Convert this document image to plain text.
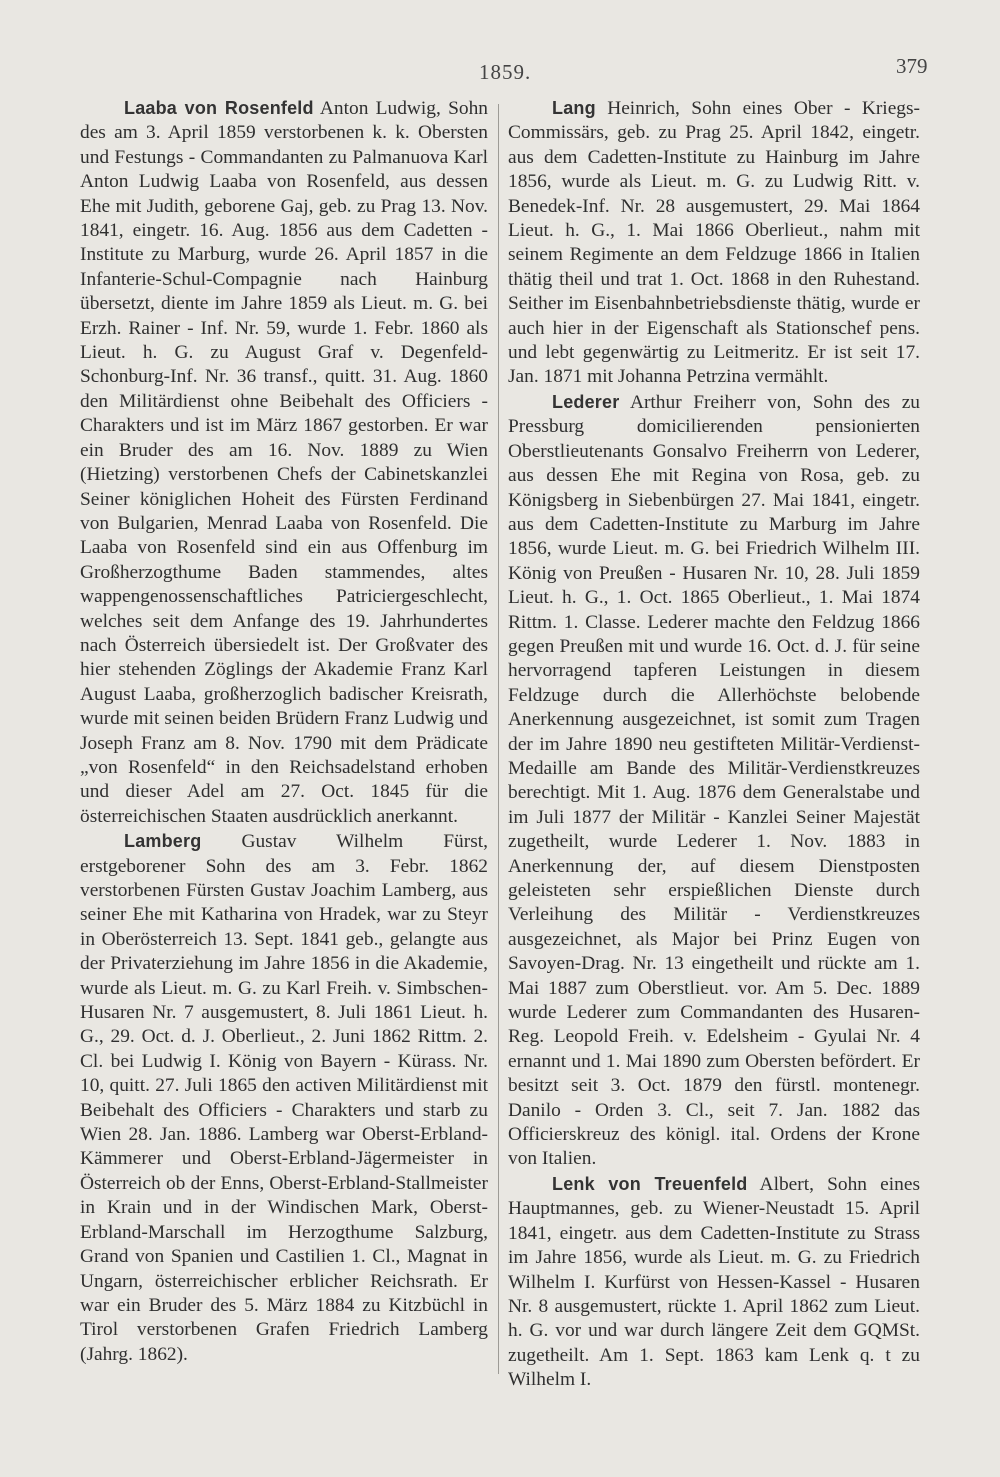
1859.	379

Laaba von Rosenfeld Anton Ludwig, Sohn des am 3. April 1859 verstorbenen k. k. Obersten und Festungs - Commandanten zu Palmanuova Karl Anton Ludwig Laaba von Rosenfeld, aus dessen Ehe mit Judith, geborene Gaj, geb. zu Prag 13. Nov. 1841, eingetr. 16. Aug. 1856 aus dem Cadetten - Institute zu Marburg, wurde 26. April 1857 in die Infanterie-Schul-Compagnie nach Hainburg übersetzt, diente im Jahre 1859 als Lieut. m. G. bei Erzh. Rainer - Inf. Nr. 59, wurde 1. Febr. 1860 als Lieut. h. G. zu August Graf v. Degenfeld-Schonburg-Inf. Nr. 36 transf., quitt. 31. Aug. 1860 den Militärdienst ohne Beibehalt des Officiers - Charakters und ist im März 1867 gestorben. Er war ein Bruder des am 16. Nov. 1889 zu Wien (Hietzing) verstorbenen Chefs der Cabinetskanzlei Seiner königlichen Hoheit des Fürsten Ferdinand von Bulgarien, Menrad Laaba von Rosenfeld. Die Laaba von Rosenfeld sind ein aus Offenburg im Großherzogthume Baden stammendes, altes wappengenossenschaftliches Patriciergeschlecht, welches seit dem Anfange des 19. Jahrhundertes nach Österreich übersiedelt ist. Der Großvater des hier stehenden Zöglings der Akademie Franz Karl August Laaba, großherzoglich badischer Kreisrath, wurde mit seinen beiden Brüdern Franz Ludwig und Joseph Franz am 8. Nov. 1790 mit dem Prädicate „von Rosenfeld“ in den Reichsadelstand erhoben und dieser Adel am 27. Oct. 1845 für die österreichischen Staaten ausdrücklich anerkannt.

Lamberg Gustav Wilhelm Fürst, erstgeborener Sohn des am 3. Febr. 1862 verstorbenen Fürsten Gustav Joachim Lamberg, aus seiner Ehe mit Katharina von Hradek, war zu Steyr in Oberösterreich 13. Sept. 1841 geb., gelangte aus der Privaterziehung im Jahre 1856 in die Akademie, wurde als Lieut. m. G. zu Karl Freih. v. Simbschen-Husaren Nr. 7 ausgemustert, 8. Juli 1861 Lieut. h. G., 29. Oct. d. J. Oberlieut., 2. Juni 1862 Rittm. 2. Cl. bei Ludwig I. König von Bayern - Kürass. Nr. 10, quitt. 27. Juli 1865 den activen Militärdienst mit Beibehalt des Officiers - Charakters und starb zu Wien 28. Jan. 1886. Lamberg war Oberst-Erbland-Kämmerer und Oberst-Erbland-Jägermeister in Österreich ob der Enns, Oberst-Erbland-Stallmeister in Krain und in der Windischen Mark, Oberst-Erbland-Marschall im Herzogthume Salzburg, Grand von Spanien und Castilien 1. Cl., Magnat in Ungarn, österreichischer erblicher Reichsrath. Er war ein Bruder des 5. März 1884 zu Kitzbüchl in Tirol verstorbenen Grafen Friedrich Lamberg (Jahrg. 1862).

Lang Heinrich, Sohn eines Ober - Kriegs-Commissärs, geb. zu Prag 25. April 1842, eingetr. aus dem Cadetten-Institute zu Hainburg im Jahre 1856, wurde als Lieut. m. G. zu Ludwig Ritt. v. Benedek-Inf. Nr. 28 ausgemustert, 29. Mai 1864 Lieut. h. G., 1. Mai 1866 Oberlieut., nahm mit seinem Regimente an dem Feldzuge 1866 in Italien thätig theil und trat 1. Oct. 1868 in den Ruhestand. Seither im Eisenbahnbetriebsdienste thätig, wurde er auch hier in der Eigenschaft als Stationschef pens. und lebt gegenwärtig zu Leitmeritz. Er ist seit 17. Jan. 1871 mit Johanna Petrzina vermählt.

Lederer Arthur Freiherr von, Sohn des zu Pressburg domicilierenden pensionierten Oberstlieutenants Gonsalvo Freiherrn von Lederer, aus dessen Ehe mit Regina von Rosa, geb. zu Königsberg in Siebenbürgen 27. Mai 1841, eingetr. aus dem Cadetten-Institute zu Marburg im Jahre 1856, wurde Lieut. m. G. bei Friedrich Wilhelm III. König von Preußen - Husaren Nr. 10, 28. Juli 1859 Lieut. h. G., 1. Oct. 1865 Oberlieut., 1. Mai 1874 Rittm. 1. Classe. Lederer machte den Feldzug 1866 gegen Preußen mit und wurde 16. Oct. d. J. für seine hervorragend tapferen Leistungen in diesem Feldzuge durch die Allerhöchste belobende Anerkennung ausgezeichnet, ist somit zum Tragen der im Jahre 1890 neu gestifteten Militär-Verdienst-Medaille am Bande des Militär-Verdienstkreuzes berechtigt. Mit 1. Aug. 1876 dem Generalstabe und im Juli 1877 der Militär - Kanzlei Seiner Majestät zugetheilt, wurde Lederer 1. Nov. 1883 in Anerkennung der, auf diesem Dienstposten geleisteten sehr erspießlichen Dienste durch Verleihung des Militär - Verdienstkreuzes ausgezeichnet, als Major bei Prinz Eugen von Savoyen-Drag. Nr. 13 eingetheilt und rückte am 1. Mai 1887 zum Oberstlieut. vor. Am 5. Dec. 1889 wurde Lederer zum Commandanten des Husaren-Reg. Leopold Freih. v. Edelsheim - Gyulai Nr. 4 ernannt und 1. Mai 1890 zum Obersten befördert. Er besitzt seit 3. Oct. 1879 den fürstl. montenegr. Danilo - Orden 3. Cl., seit 7. Jan. 1882 das Officierskreuz des königl. ital. Ordens der Krone von Italien.

Lenk von Treuenfeld Albert, Sohn eines Hauptmannes, geb. zu Wiener-Neustadt 15. April 1841, eingetr. aus dem Cadetten-Institute zu Strass im Jahre 1856, wurde als Lieut. m. G. zu Friedrich Wilhelm I. Kurfürst von Hessen-Kassel - Husaren Nr. 8 ausgemustert, rückte 1. April 1862 zum Lieut. h. G. vor und war durch längere Zeit dem GQMSt. zugetheilt. Am 1. Sept. 1863 kam Lenk q. t zu Wilhelm I.
